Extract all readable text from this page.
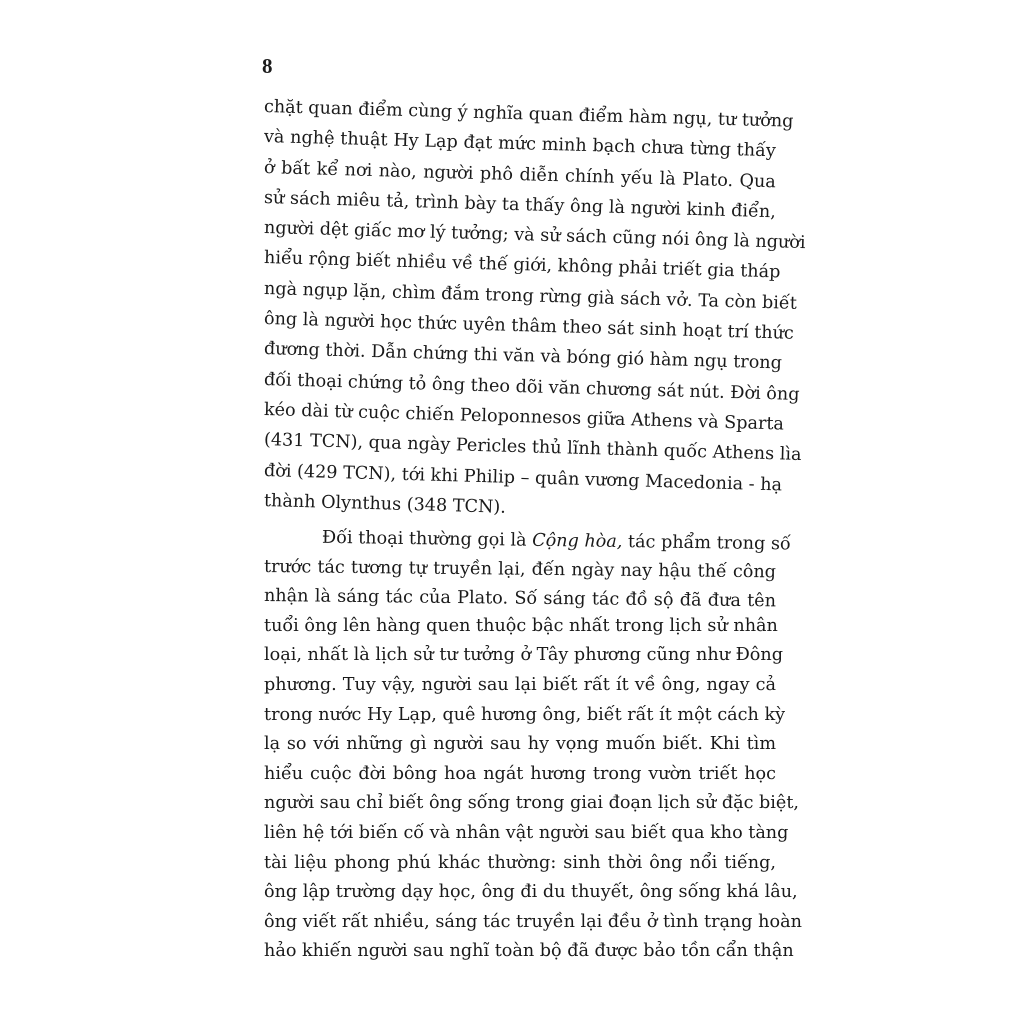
8
chặt quan điểm cùng ý nghĩa quan điểm hàm ngụ, tư tưởng
và nghệ thuật Hy Lạp đạt mức minh bạch chưa từng thấy
ở bất kể nơi nào, người phô diễn chính yếu là Plato. Qua
sử sách miêu tả, trình bày ta thấy ông là người kinh điển,
người dệt giấc mơ lý tưởng; và sử sách cũng nói ông là người
hiểu rộng biết nhiều về thế giới, không phải triết gia tháp
ngà ngụp lặn, chìm đắm trong rừng già sách vở. Ta còn biết
ông là người học thức uyên thâm theo sát sinh hoạt trí thức
đương thời. Dẫn chứng thi văn và bóng gió hàm ngụ trong
đối thoại chứng tỏ ông theo dõi văn chương sát nút. Đời ông
kéo dài từ cuộc chiến Peloponnesos giữa Athens và Sparta
(431 TCN), qua ngày Pericles thủ lĩnh thành quốc Athens lìa
đời (429 TCN), tới khi Philip – quân vương Macedonia - hạ
thành Olynthus (348 TCN).
Đối thoại thường gọi là Cộng hòa, tác phẩm trong số
trước tác tương tự truyền lại, đến ngày nay hậu thế công
nhận là sáng tác của Plato. Số sáng tác đồ sộ đã đưa tên
tuổi ông lên hàng quen thuộc bậc nhất trong lịch sử nhân
loại, nhất là lịch sử tư tưởng ở Tây phương cũng như Đông
phương. Tuy vậy, người sau lại biết rất ít về ông, ngay cả
trong nước Hy Lạp, quê hương ông, biết rất ít một cách kỳ
lạ so với những gì người sau hy vọng muốn biết. Khi tìm
hiểu cuộc đời bông hoa ngát hương trong vườn triết học
người sau chỉ biết ông sống trong giai đoạn lịch sử đặc biệt,
liên hệ tới biến cố và nhân vật người sau biết qua kho tàng
tài liệu phong phú khác thường: sinh thời ông nổi tiếng,
ông lập trường dạy học, ông đi du thuyết, ông sống khá lâu,
ông viết rất nhiều, sáng tác truyền lại đều ở tình trạng hoàn
hảo khiến người sau nghĩ toàn bộ đã được bảo tồn cẩn thận
